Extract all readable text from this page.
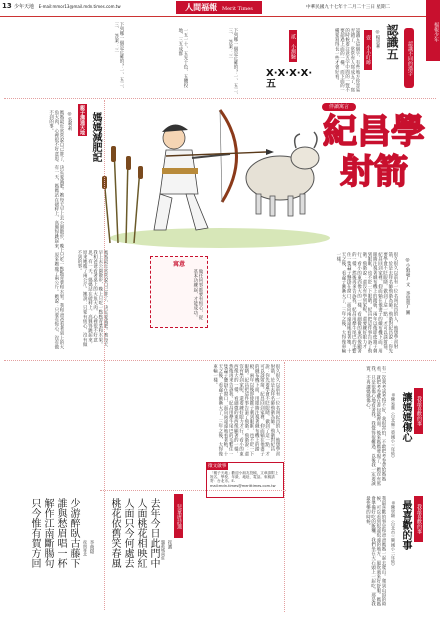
13 少年天地 E-mail:mmor13@mail.mdn.times.com.tw	人間福報 Merit Times	中華民國九十七年十二月二十三日 星期二
福報少年
認識不同的漢字
認識五
◎楊景華
壹　小小叮嚀
認識五這個字，有些地方你容易弄錯了，常常有人寫成五了，寫的時候要注意五字中間的一豎不要超過上面的一橫，而下面的一橫要寫得長一些才會好看。
貳　小測驗
X·X·X·X·五
下列哪一個是正確的？一、五二、　三、　答案：三
一五一十、五光十色、五體投地、三五成群
下列哪一個是正確的？一、五二、　三、　答案：三
伴讀寓言
紀昌學射箭
◎小狼毫/文　李思寬/圖
很久很久以前有一位名叫紀昌的人，他想學習射箭，於是去拜名師飛衛為師。飛衛對紀昌說：你先要學會不眨眼睛，做到了這一點，才可以談射箭。紀昌回到家裡，仰面躺在他妻子的織布機下面，用眼睛注視著織布機上的踏板，兩年以後即使錐子刺到眼眶，也不眨一下眼睛。紀昌把這件事告訴了飛衛。飛衛說：還沒有學到家呢，還要練好眼力才行。看小的東西像大的一樣，看細微的東西像顯著的一樣，然後再來告訴我。紀昌用犛牛尾巴的毛繫住一隻蝨子懸掛在窗口，面向南遠遠地看著牠，十天之後，看蝨子漸漸大了，三年之後，大得像車輪一樣。
寓意
做任何事都要有恆心，從基本功練起，才能成功。
親子溝通天地 媽媽減肥記
◎吳利莉
媽媽最近常常說自己胖了，決定要減肥。她每天早上去公園散步，晚上只吃一點點青菜和水果。我和爸爸看著桌上的大魚大肉，心裡很不好意思。有一天，媽媽站在磅秤上，高興得跳起來，原來她瘦了兩公斤。她說：只要有恆心，沒有做不到的事。
媽媽最近常常說自己胖了，決定要減肥。她每天早上去公園散步，晚上只吃一點點青菜和水果。我和爸爸看著桌上的大魚大肉，心裡很不好意思。有一天，媽媽站在磅秤上，高興得跳起來，原來她瘦了兩公斤。她說：只要有恆心，沒有做不到的事。
我最喜歡的事
讓媽媽傷心
◎陳易靈（台北縣三重國小三年級）
有一次我考試考得不好，我很害怕，不敢把考卷拿給媽媽看，就把考卷藏在書包最裡面。後來媽媽發現了，她沒有罵我，只是很傷心地看著我。我覺得很難過，以後我一定要誠實，不再讓媽媽傷心。
我最喜歡的事
最喜歡的事
◎陳學穎（台北市三興國小二年級）
我最喜歡的事是和爸爸媽媽一起去爬山。爬到山頂的時候，可以看到很遠很遠的地方，風吹過來好舒服。媽媽會準備好吃的飯糰，我們坐在大石頭上一起吃，那是我最快樂的時候。
很久很久以前有一位名叫紀昌的人，他想學習射箭，於是去拜名師飛衛為師。飛衛對紀昌說：你先要學會不眨眼睛，做到了這一點，才可以談射箭。紀昌回到家裡，仰面躺在他妻子的織布機下面，用眼睛注視著織布機上的踏板，兩年以後即使錐子刺到眼眶，也不眨一下眼睛。紀昌把這件事告訴了飛衛。飛衛說：還沒有學到家呢，還要練好眼力才行。看小的東西像大的一樣，看細微的東西像顯著的一樣，然後再來告訴我。紀昌用犛牛尾巴的毛繫住一隻蝨子懸掛在窗口，面向南遠遠地看著牠，十天之後，看蝨子漸漸大了，三年之後，大得像車輪一樣。
徵文啟事
「親子天地」歡迎小朋友投稿，文章請附上姓名、學校、年級、地址、電話。來稿請寄：台北市。E-mail:mdn.times@merittimes.com.tw
兒童唐詩選
崔護
題都城南莊
去年今日此門中
人面桃花相映紅
人面只今何處去
桃花依舊笑春風
李商隱
夜雨寄北
少游醉臥古藤下
誰與愁眉唱一杯
解作江南斷腸句
只今惟有賀方回
